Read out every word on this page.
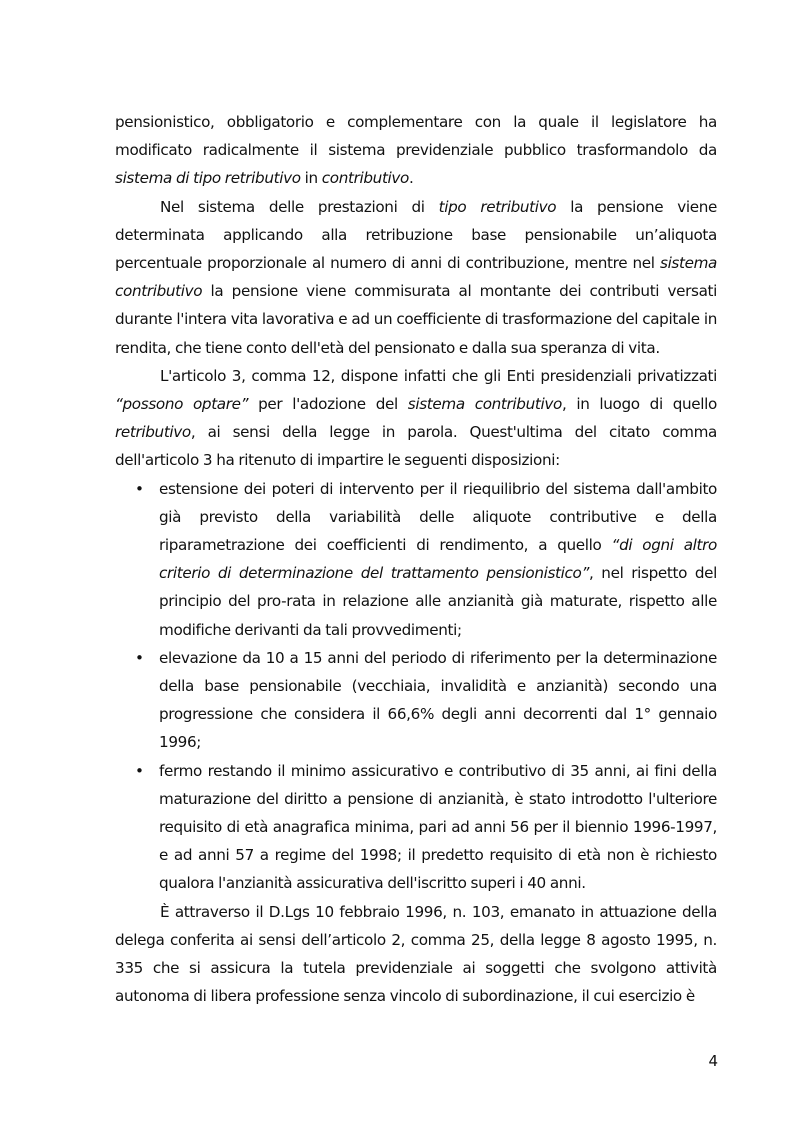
pensionistico, obbligatorio e complementare con la quale il legislatore ha modificato radicalmente il sistema previdenziale pubblico trasformandolo da sistema di tipo retributivo in contributivo.

Nel sistema delle prestazioni di tipo retributivo la pensione viene determinata applicando alla retribuzione base pensionabile un’aliquota percentuale proporzionale al numero di anni di contribuzione, mentre nel sistema contributivo la pensione viene commisurata al montante dei contributi versati durante l'intera vita lavorativa e ad un coefficiente di trasformazione del capitale in rendita, che tiene conto dell'età del pensionato e dalla sua speranza di vita.

L'articolo 3, comma 12, dispone infatti che gli Enti presidenziali privatizzati “possono optare” per l'adozione del sistema contributivo, in luogo di quello retributivo, ai sensi della legge in parola. Quest'ultima del citato comma dell'articolo 3 ha ritenuto di impartire le seguenti disposizioni:

• estensione dei poteri di intervento per il riequilibrio del sistema dall'ambito già previsto della variabilità delle aliquote contributive e della riparametrazione dei coefficienti di rendimento, a quello “di ogni altro criterio di determinazione del trattamento pensionistico”, nel rispetto del principio del pro-rata in relazione alle anzianità già maturate, rispetto alle modifiche derivanti da tali provvedimenti;
• elevazione da 10 a 15 anni del periodo di riferimento per la determinazione della base pensionabile (vecchiaia, invalidità e anzianità) secondo una progressione che considera il 66,6% degli anni decorrenti dal 1° gennaio 1996;
• fermo restando il minimo assicurativo e contributivo di 35 anni, ai fini della maturazione del diritto a pensione di anzianità, è stato introdotto l'ulteriore requisito di età anagrafica minima, pari ad anni 56 per il biennio 1996-1997, e ad anni 57 a regime del 1998; il predetto requisito di età non è richiesto qualora l'anzianità assicurativa dell'iscritto superi i 40 anni.

È attraverso il D.Lgs 10 febbraio 1996, n. 103, emanato in attuazione della delega conferita ai sensi dell’articolo 2, comma 25, della legge 8 agosto 1995, n. 335 che si assicura la tutela previdenziale ai soggetti che svolgono attività autonoma di libera professione senza vincolo di subordinazione, il cui esercizio è

4
